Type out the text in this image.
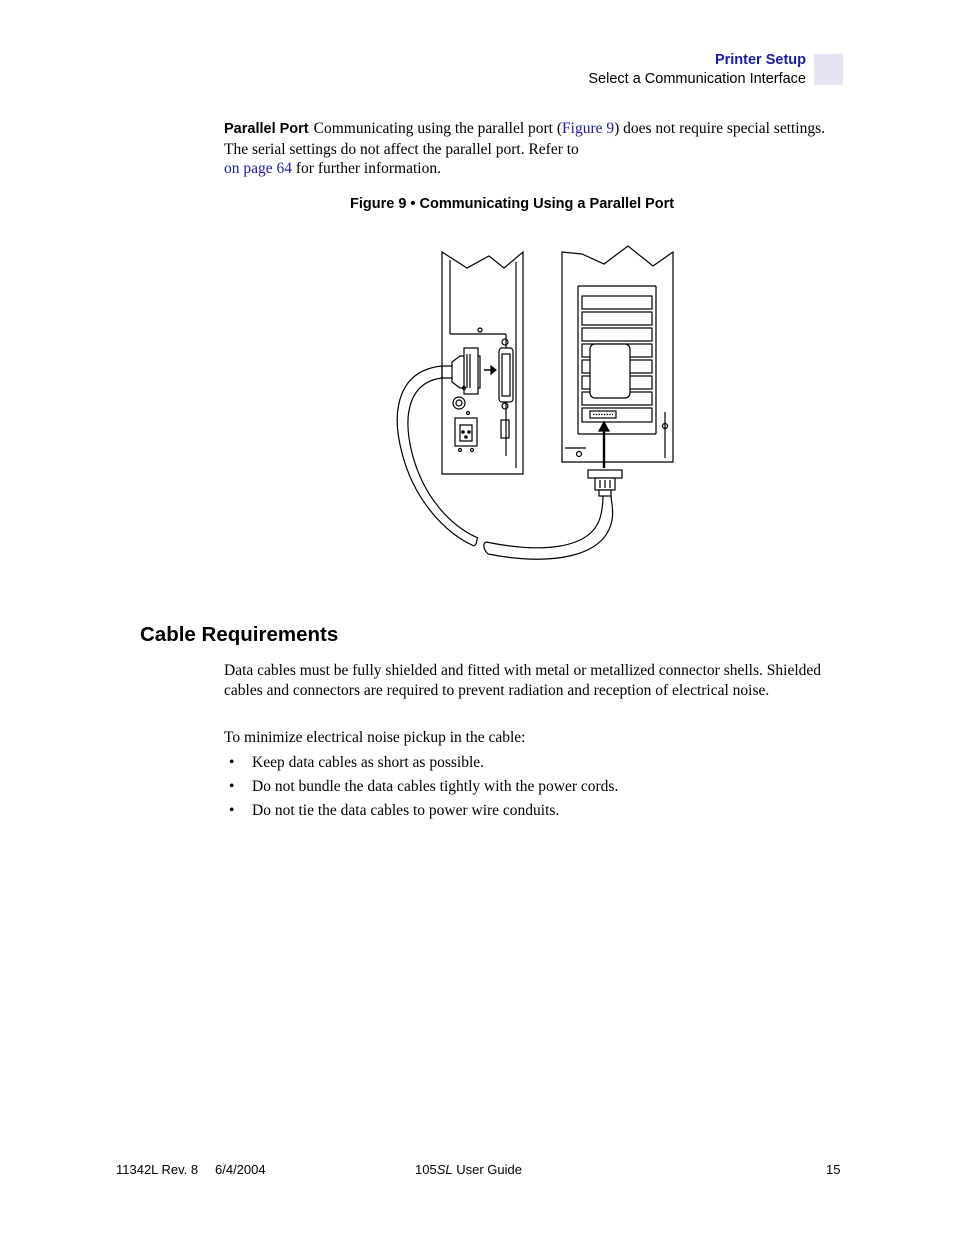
Printer Setup
Select a Communication Interface
Parallel Port Communicating using the parallel port (Figure 9) does not require special settings. The serial settings do not affect the parallel port. Refer to
on page 64 for further information.
Figure 9 • Communicating Using a Parallel Port
Cable Requirements
Data cables must be fully shielded and fitted with metal or metallized connector shells. Shielded cables and connectors are required to prevent radiation and reception of electrical noise.
To minimize electrical noise pickup in the cable:
• Keep data cables as short as possible.
• Do not bundle the data cables tightly with the power cords.
• Do not tie the data cables to power wire conduits.
11342L Rev. 8 6/4/2004	105SL User Guide	15
